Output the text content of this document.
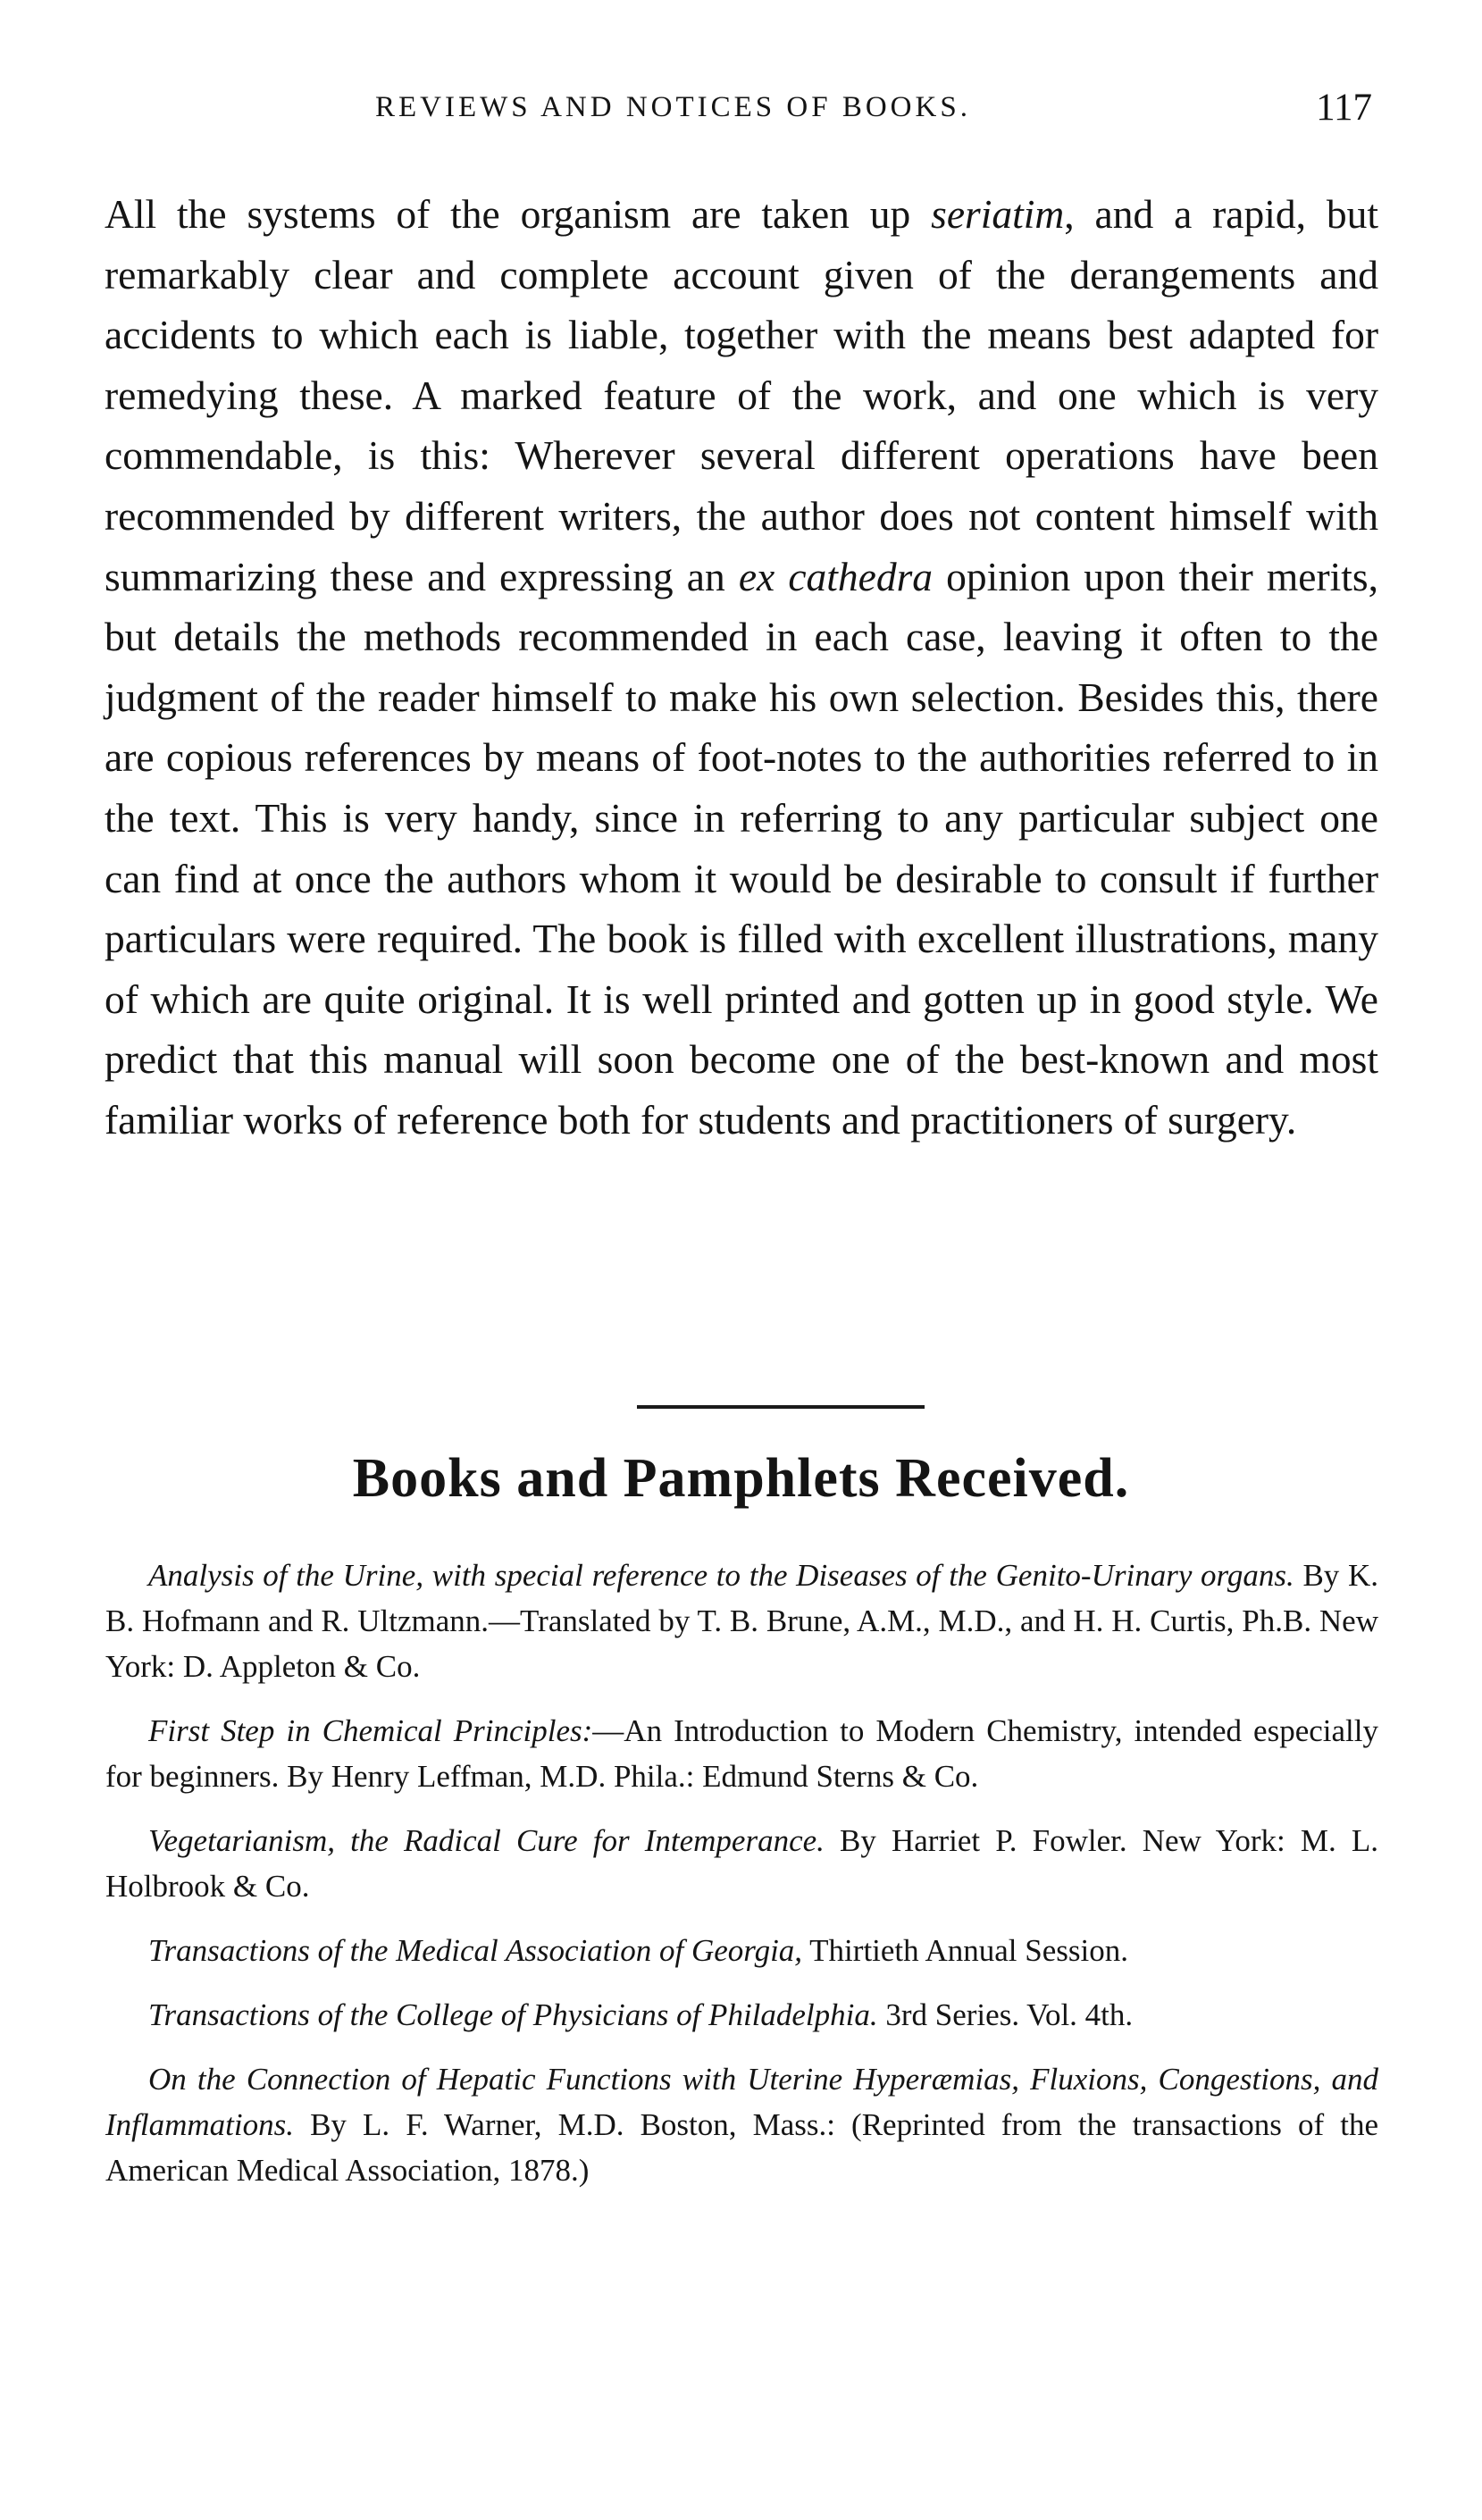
REVIEWS AND NOTICES OF BOOKS.	117

All the systems of the organism are taken up seriatim, and a rapid, but remarkably clear and complete account given of the derangements and accidents to which each is liable, together with the means best adapted for remedying these. A marked feature of the work, and one which is very commendable, is this: Wherever several different operations have been recommended by different writers, the author does not content himself with summarizing these and expressing an ex cathedra opinion upon their merits, but details the methods recommended in each case, leaving it often to the judgment of the reader himself to make his own selection. Besides this, there are copious references by means of foot-notes to the authorities referred to in the text. This is very handy, since in referring to any particular subject one can find at once the authors whom it would be desirable to consult if further particulars were required. The book is filled with excellent illustrations, many of which are quite original. It is well printed and gotten up in good style. We predict that this manual will soon become one of the best-known and most familiar works of reference both for students and practitioners of surgery.

Books and Pamphlets Received.

Analysis of the Urine, with special reference to the Diseases of the Genito-Urinary organs. By K. B. Hofmann and R. Ultzmann.—Translated by T. B. Brune, A.M., M.D., and H. H. Curtis, Ph.B. New York: D. Appleton & Co.

First Step in Chemical Principles:—An Introduction to Modern Chemistry, intended especially for beginners. By Henry Leffman, M.D. Phila.: Edmund Sterns & Co.

Vegetarianism, the Radical Cure for Intemperance. By Harriet P. Fowler. New York: M. L. Holbrook & Co.

Transactions of the Medical Association of Georgia, Thirtieth Annual Session.

Transactions of the College of Physicians of Philadelphia. 3rd Series. Vol. 4th.

On the Connection of Hepatic Functions with Uterine Hyperæmias, Fluxions, Congestions, and Inflammations. By L. F. Warner, M.D. Boston, Mass.: (Reprinted from the transactions of the American Medical Association, 1878.)
